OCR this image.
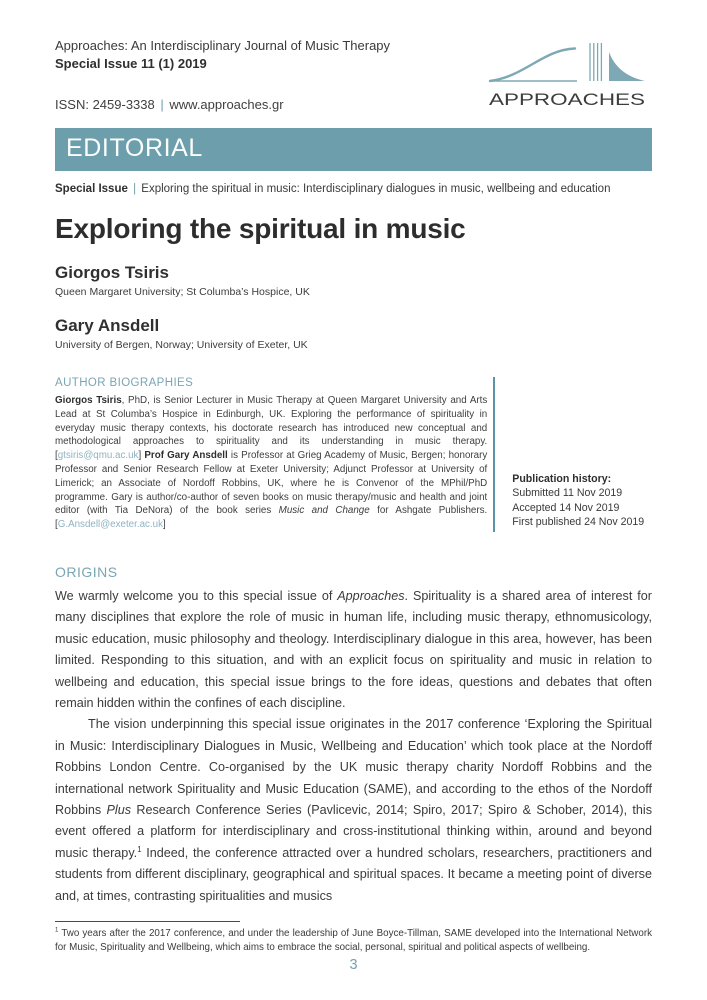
Approaches: An Interdisciplinary Journal of Music Therapy
Special Issue 11 (1) 2019
ISSN: 2459-3338 | www.approaches.gr	APPROACHES
EDITORIAL
Special Issue | Exploring the spiritual in music: Interdisciplinary dialogues in music, wellbeing and education
Exploring the spiritual in music
Giorgos Tsiris
Queen Margaret University; St Columba’s Hospice, UK
Gary Ansdell
University of Bergen, Norway; University of Exeter, UK
AUTHOR BIOGRAPHIES
Giorgos Tsiris, PhD, is Senior Lecturer in Music Therapy at Queen Margaret University and Arts Lead at St Columba’s Hospice in Edinburgh, UK. Exploring the performance of spirituality in everyday music therapy contexts, his doctorate research has introduced new conceptual and methodological approaches to spirituality and its understanding in music therapy. [gtsiris@qmu.ac.uk] Prof Gary Ansdell is Professor at Grieg Academy of Music, Bergen; honorary Professor and Senior Research Fellow at Exeter University; Adjunct Professor at University of Limerick; an Associate of Nordoff Robbins, UK, where he is Convenor of the MPhil/PhD programme. Gary is author/co-author of seven books on music therapy/music and health and joint editor (with Tia DeNora) of the book series Music and Change for Ashgate Publishers. [G.Ansdell@exeter.ac.uk]
Publication history:
Submitted 11 Nov 2019
Accepted 14 Nov 2019
First published 24 Nov 2019
ORIGINS

We warmly welcome you to this special issue of Approaches. Spirituality is a shared area of interest for many disciplines that explore the role of music in human life, including music therapy, ethnomusicology, music education, music philosophy and theology. Interdisciplinary dialogue in this area, however, has been limited. Responding to this situation, and with an explicit focus on spirituality and music in relation to wellbeing and education, this special issue brings to the fore ideas, questions and debates that often remain hidden within the confines of each discipline.

The vision underpinning this special issue originates in the 2017 conference ‘Exploring the Spiritual in Music: Interdisciplinary Dialogues in Music, Wellbeing and Education’ which took place at the Nordoff Robbins London Centre. Co-organised by the UK music therapy charity Nordoff Robbins and the international network Spirituality and Music Education (SAME), and according to the ethos of the Nordoff Robbins Plus Research Conference Series (Pavlicevic, 2014; Spiro, 2017; Spiro & Schober, 2014), this event offered a platform for interdisciplinary and cross-institutional thinking within, around and beyond music therapy.$^1$ Indeed, the conference attracted over a hundred scholars, researchers, practitioners and students from different disciplinary, geographical and spiritual spaces. It became a meeting point of diverse and, at times, contrasting spiritualities and musics

$^1$ Two years after the 2017 conference, and under the leadership of June Boyce-Tillman, SAME developed into the International Network for Music, Spirituality and Wellbeing, which aims to embrace the social, personal, spiritual and political aspects of wellbeing.
3
